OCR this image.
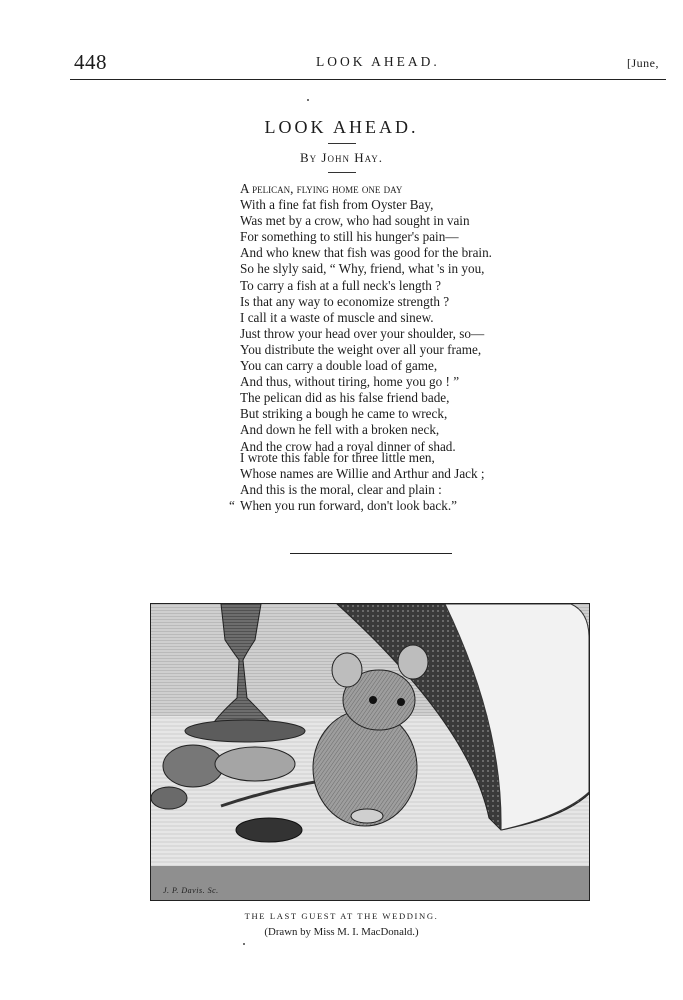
448	LOOK AHEAD.	[June,
LOOK AHEAD.
By John Hay.
A pelican, flying home one day
With a fine fat fish from Oyster Bay,
Was met by a crow, who had sought in vain
For something to still his hunger's pain—
And who knew that fish was good for the brain.
So he slyly said, “ Why, friend, what 's in you,
To carry a fish at a full neck's length ?
Is that any way to economize strength ?
I call it a waste of muscle and sinew.
Just throw your head over your shoulder, so—
You distribute the weight over all your frame,
You can carry a double load of game,
And thus, without tiring, home you go ! ”
The pelican did as his false friend bade,
But striking a bough he came to wreck,
And down he fell with a broken neck,
And the crow had a royal dinner of shad.
I wrote this fable for three little men,
Whose names are Willie and Arthur and Jack ;
And this is the moral, clear and plain :
When you run forward, don't look back.”
“
J. P. Davis. Sc.
THE LAST GUEST AT THE WEDDING.
(Drawn by Miss M. I. MacDonald.)
